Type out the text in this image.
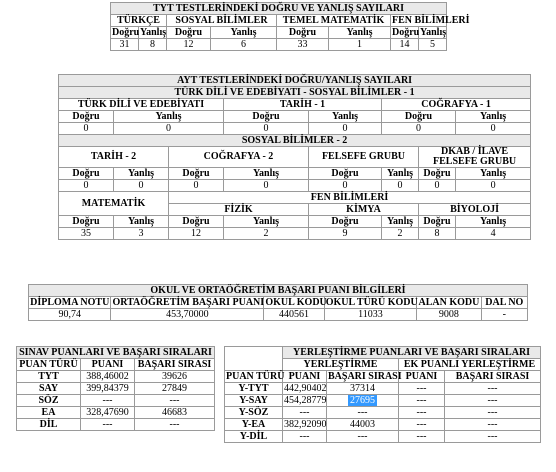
TYT TESTLERİNDEKİ DOĞRU VE YANLIŞ SAYILARI							
TÜRKÇE		SOSYAL BİLİMLER		TEMEL MATEMATİK		FEN BİLİMLERİ	
Doğru	Yanlış	Doğru	Yanlış	Doğru	Yanlış	Doğru	Yanlış
31	8	12	6	33	1	14	5
AYT TESTLERİNDEKİ DOĞRU/YANLIŞ SAYILARI							
TÜRK DİLİ VE EDEBİYATI - SOSYAL BİLİMLER - 1							
TÜRK DİLİ VE EDEBİYATI			TARİH - 1		COĞRAFYA - 1		
Doğru	Yanlış		Doğru	Yanlış	Doğru		Yanlış
0	0		0	0	0		0
SOSYAL BİLİMLER - 2							
TARİH - 2		COĞRAFYA - 2		FELSEFE GRUBU		DKAB / İLAVE FELSEFE GRUBU	
Doğru	Yanlış	Doğru	Yanlış	Doğru	Yanlış	Doğru	Yanlış
0	0	0	0	0	0	0	0
MATEMATİK		FEN BİLİMLERİ					
		FİZİK		KİMYA		BİYOLOJİ	
Doğru	Yanlış	Doğru	Yanlış	Doğru	Yanlış	Doğru	Yanlış
35	3	12	2	9	2	8	4
OKUL VE ORTAÖĞRETİM BAŞARI PUANI BİLGİLERİ					
DİPLOMA NOTU	ORTAÖĞRETİM BAŞARI PUANI	OKUL KODU	OKUL TÜRÜ KODU	ALAN KODU	DAL NO
90,74	453,70000	440561	11033	9008	-
SINAV PUANLARI VE BAŞARI SIRALARI		
PUAN TÜRÜ	PUANI	BAŞARI SIRASI
TYT	388,46002	39626
SAY	399,84379	27849
SÖZ	---	---
EA	328,47690	46683
DİL	---	---
	YERLEŞTİRME PUANLARI VE BAŞARI SIRALARI			
	YERLEŞTİRME		EK PUANLI YERLEŞTİRME	
PUAN TÜRÜ	PUANI	BAŞARI SIRASI	PUANI	BAŞARI SIRASI
Y-TYT	442,90402	37314	---	---
Y-SAY	454,28779	27695	---	---
Y-SÖZ	---	---	---	---
Y-EA	382,92090	44003	---	---
Y-DİL	---	---	---	---
